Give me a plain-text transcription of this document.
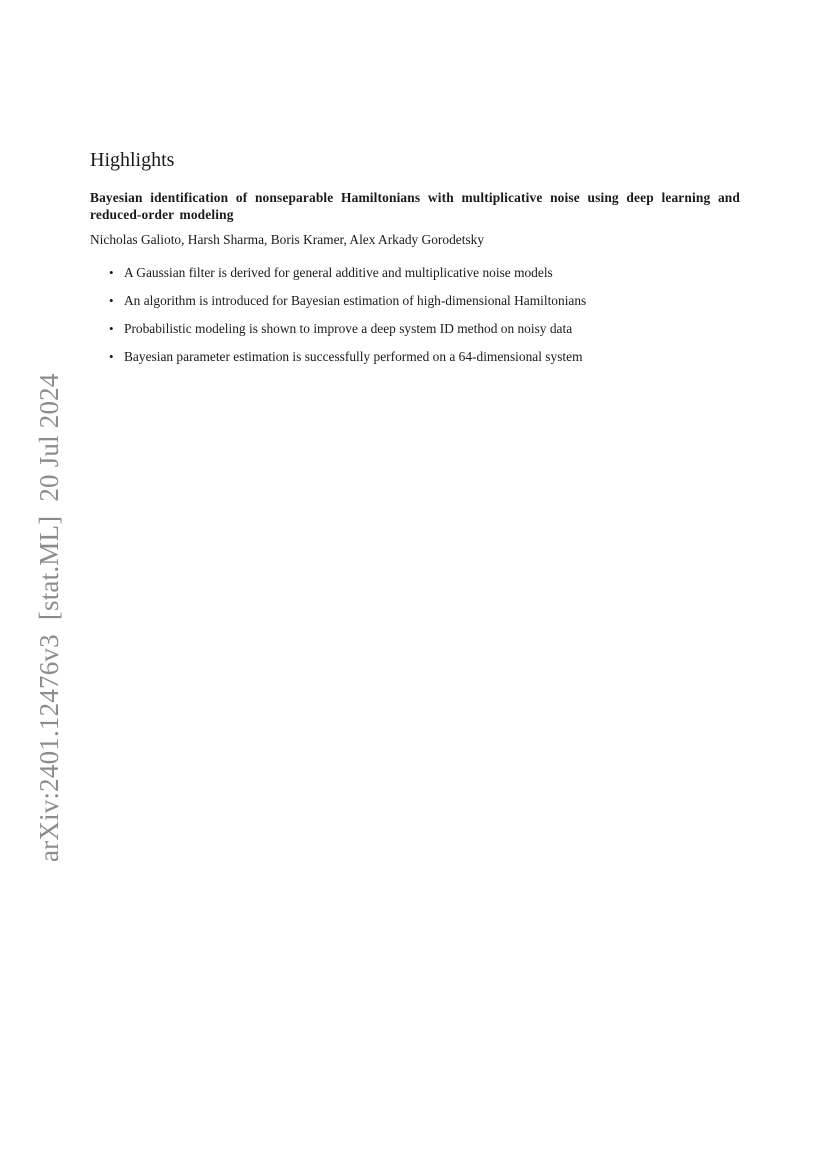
arXiv:2401.12476v3[stat.ML]20 Jul 2024
Highlights

Bayesian identification of nonseparable Hamiltonians with multiplicative noise using deep learning and reduced-order modeling

Nicholas Galioto, Harsh Sharma, Boris Kramer, Alex Arkady Gorodetsky

• A Gaussian filter is derived for general additive and multiplicative noise models
• An algorithm is introduced for Bayesian estimation of high-dimensional Hamiltonians
• Probabilistic modeling is shown to improve a deep system ID method on noisy data
• Bayesian parameter estimation is successfully performed on a 64-dimensional system
